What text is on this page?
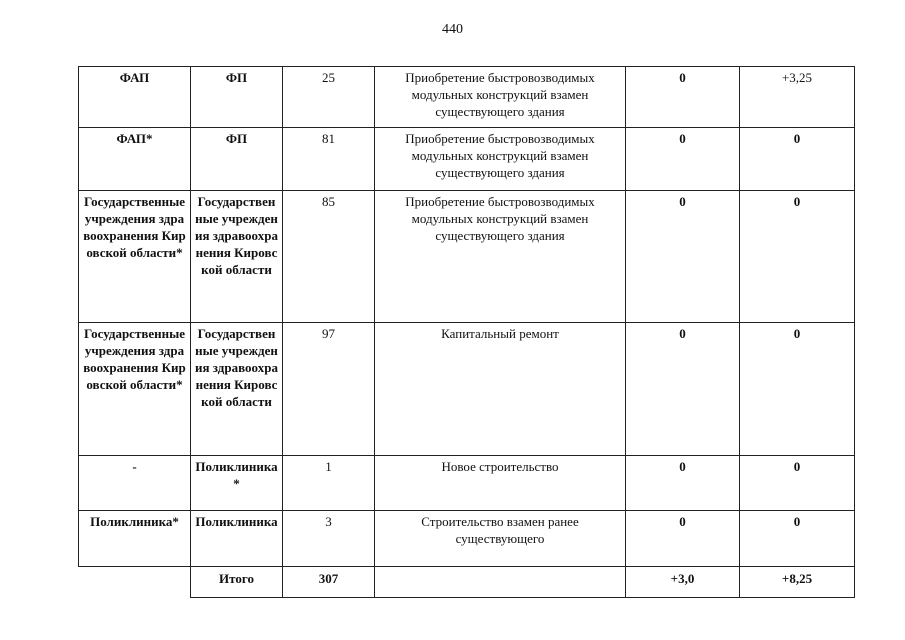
440
ФАП	ФП	25	Приобретение быстровозводимых модульных конструкций взамен существующего здания	0	+3,25
ФАП*	ФП	81	Приобретение быстровозводимых модульных конструкций взамен существующего здания	0	0
Государственные учреждения здравоохранения Кировской области*	Государственные учреждения здравоохранения Кировской области	85	Приобретение быстровозводимых модульных конструкций взамен существующего здания	0	0
Государственные учреждения здравоохранения Кировской области*	Государственные учреждения здравоохранения Кировской области	97	Капитальный ремонт	0	0
-	Поликлиника*	1	Новое строительство	0	0
Поликлиника*	Поликлиника	3	Строительство взамен ранее существующего	0	0
	Итого	307		+3,0	+8,25
